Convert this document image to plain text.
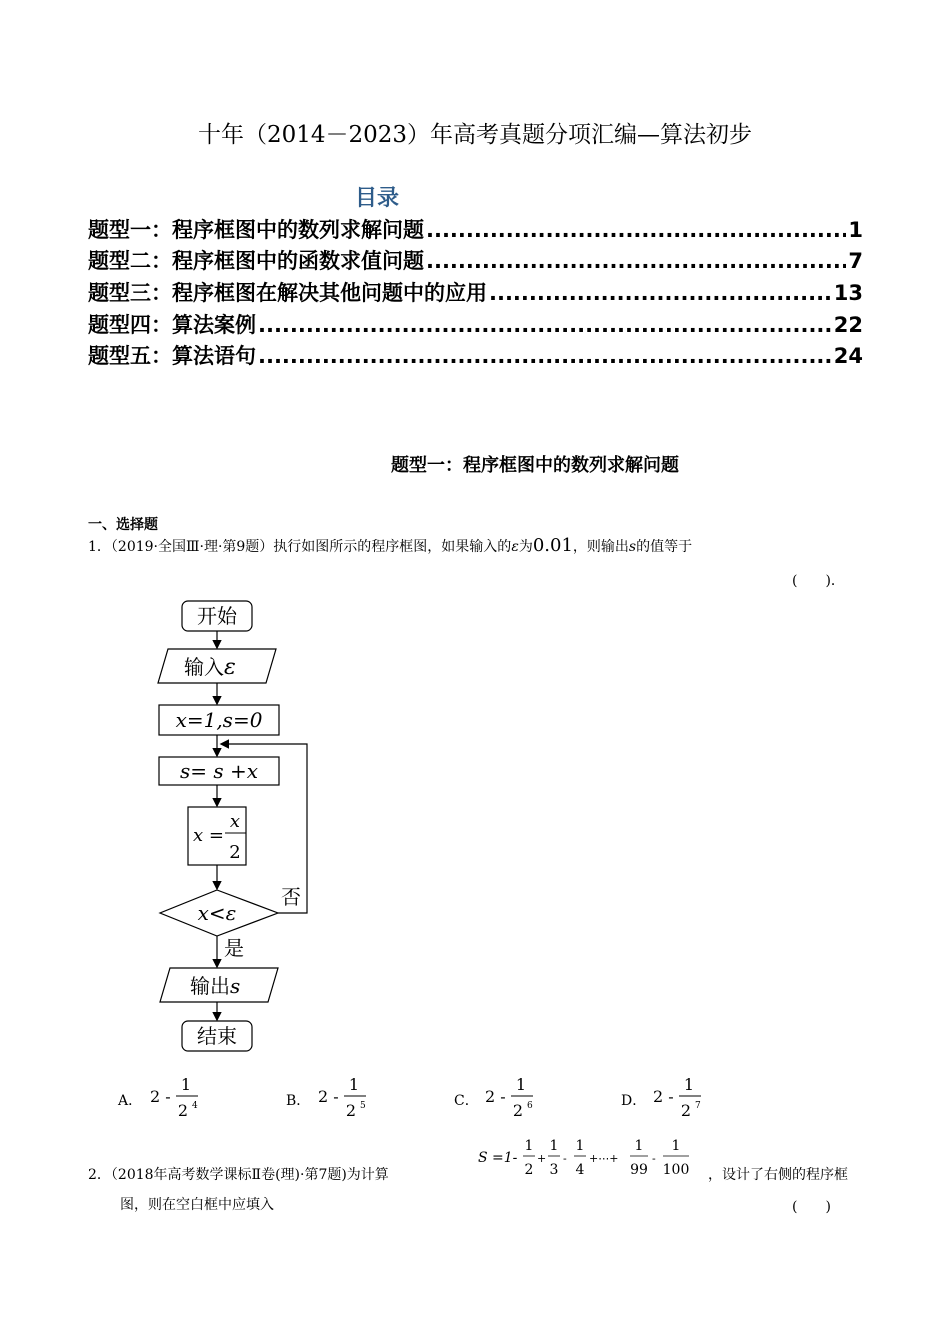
十年（2014－2023）年高考真题分项汇编—算法初步
目录
题型一：程序框图中的数列求解问题 .....	1
题型二：程序框图中的函数求值问题 .....	7
题型三：程序框图在解决其他问题中的应用 .....	13
题型四：算法案例 .....	22
题型五：算法语句 .....	24
题型一：程序框图中的数列求解问题
一、选择题
1．（2019·全国Ⅲ·理·第9题）执行如图所示的程序框图，如果输入的ε为0.01，则输出s的值等于
(　　)．
开始
输入ε
x=1,s=0
s= s +x
x =
x
2
x<ε
否
是
输出s
结束
A． 2 -
1
2 4	B． 2 -
1
2 5	C． 2 -
1
2 6	D． 2 -
1
2 7
2．（2018年高考数学课标Ⅱ卷(理)·第7题)为计算
S =1-
1
2
+
1
3
-
1
4
+⋯+
1
99
-
1
100 ，设计了右侧的程序框
图，则在空白框中应填入	(　　)
